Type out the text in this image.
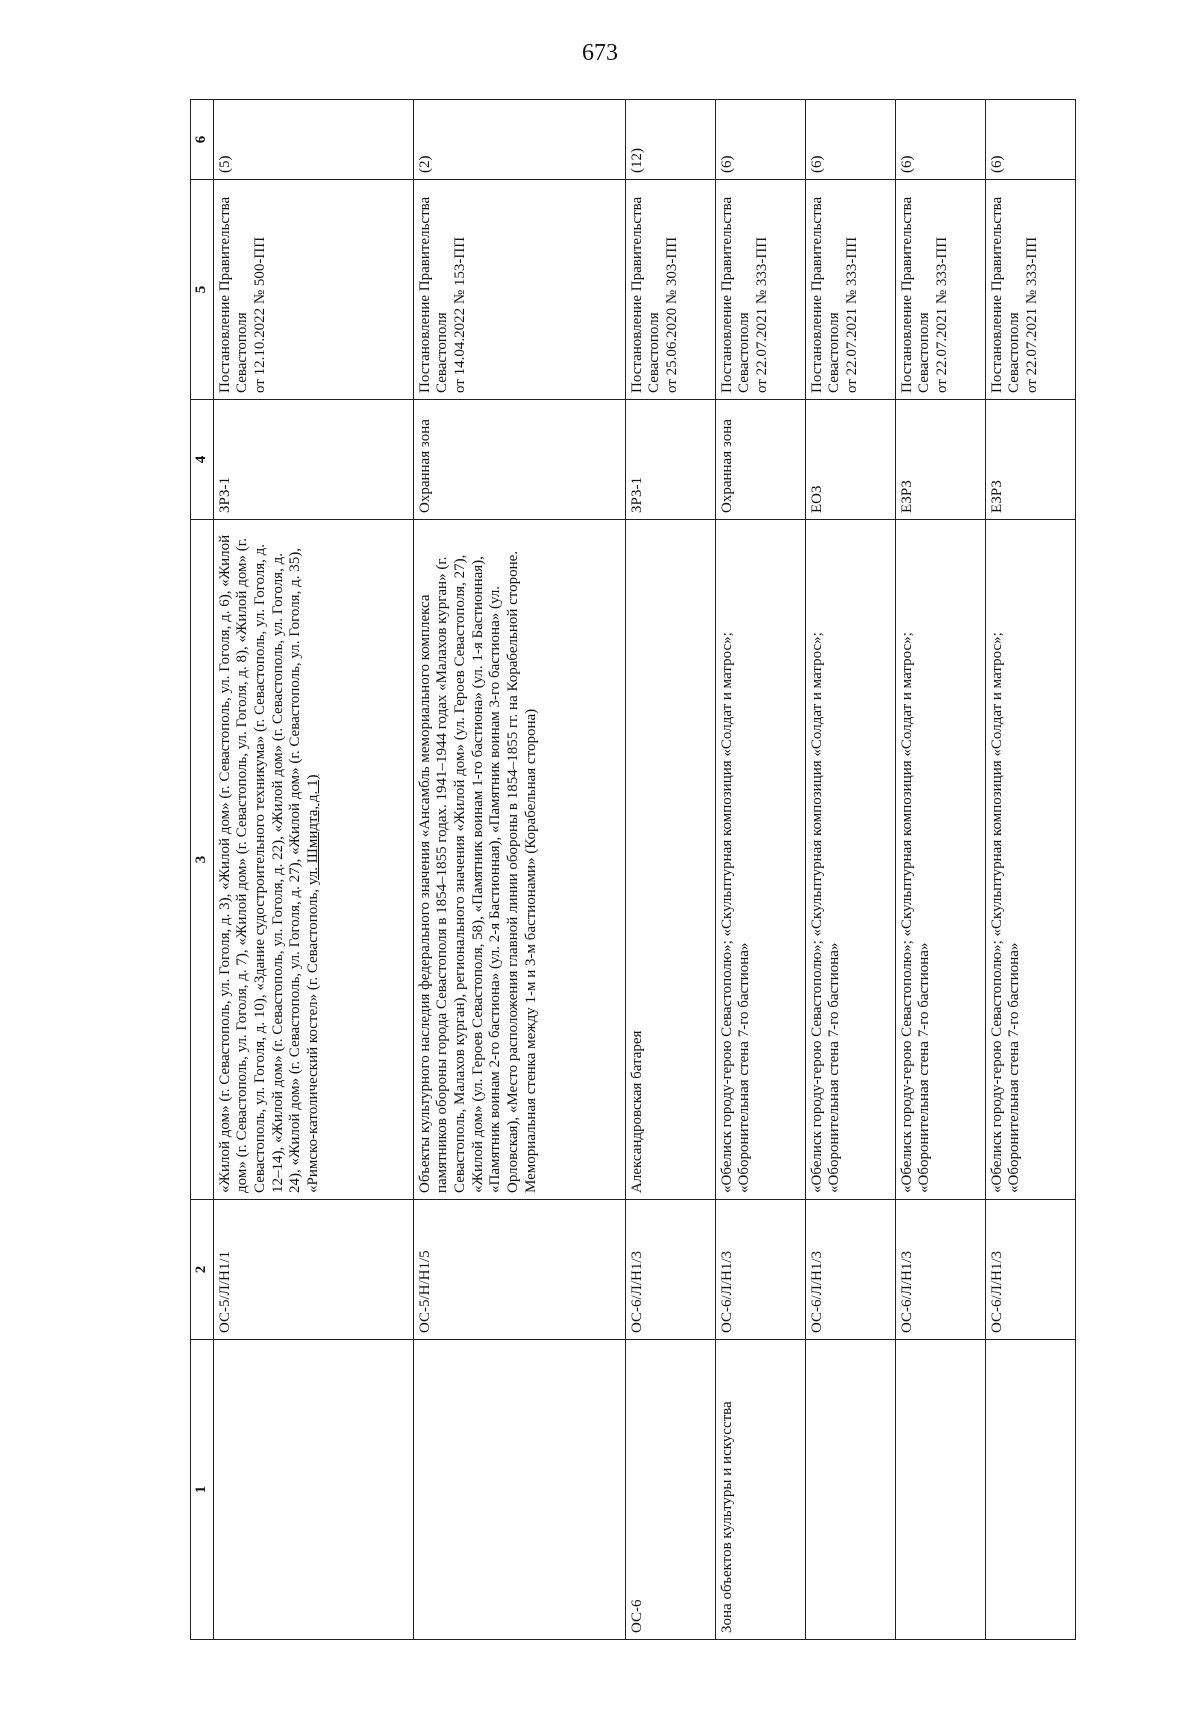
673
1	2	3	4	5	6
	ОС-5/Л/Н1/1	«Жилой дом» (г. Севастополь, ул. Гоголя, д. 3), «Жилой дом» (г. Севастополь, ул. Гоголя, д. 6), «Жилой дом» (г. Севастополь, ул. Гоголя, д. 7), «Жилой дом» (г. Севастополь, ул. Гоголя, д. 8), «Жилой дом» (г. Севастополь, ул. Гоголя, д. 10), «Здание судостроительного техникума» (г. Севастополь, ул. Гоголя, д. 12–14), «Жилой дом» (г. Севастополь, ул. Гоголя, д. 22), «Жилой дом» (г. Севастополь, ул. Гоголя, д. 24), «Жилой дом» (г. Севастополь, ул. Гоголя, д. 27), «Жилой дом» (г. Севастополь, ул. Гоголя, д. 35), «Римско-католический костел» (г. Севастополь, ул. Шмидта, д. 1)	ЗРЗ-1	Постановление Правительства Севастополя от 12.10.2022 № 500-ПП	(5)
	ОС-5/Н/Н1/5	Объекты культурного наследия федерального значения «Ансамбль мемориального комплекса памятников обороны города Севастополя в 1854–1855 годах. 1941–1944 годах «Малахов курган» (г. Севастополь, Малахов курган), регионального значения «Жилой дом» (ул. Героев Севастополя, 27), «Жилой дом» (ул. Героев Севастополя, 58), «Памятник воинам 1-го бастиона» (ул. 1-я Бастионная), «Памятник воинам 2-го бастиона» (ул. 2-я Бастионная), «Памятник воинам 3-го бастиона» (ул. Орловская), «Место расположения главной линии обороны в 1854–1855 гг. на Корабельной стороне. Мемориальная стенка между 1-м и 3-м бастионами» (Корабельная сторона)	Охранная зона	Постановление Правительства Севастополя от 14.04.2022 № 153-ПП	(2)
ОС-6	ОС-6/Л/Н1/3	Александровская батарея	ЗРЗ-1	Постановление Правительства Севастополя от 25.06.2020 № 303-ПП	(12)
Зона объектов культуры и искусства	ОС-6/Л/Н1/3	«Обелиск городу-герою Севастополю»; «Скульптурная композиция «Солдат и матрос»; «Оборонительная стена 7-го бастиона»	Охранная зона	Постановление Правительства Севастополя от 22.07.2021 № 333-ПП	(6)
	ОС-6/Л/Н1/3	«Обелиск городу-герою Севастополю»; «Скульптурная композиция «Солдат и матрос»; «Оборонительная стена 7-го бастиона»	ЕОЗ	Постановление Правительства Севастополя от 22.07.2021 № 333-ПП	(6)
	ОС-6/Л/Н1/3	«Обелиск городу-герою Севастополю»; «Скульптурная композиция «Солдат и матрос»; «Оборонительная стена 7-го бастиона»	ЕЗРЗ	Постановление Правительства Севастополя от 22.07.2021 № 333-ПП	(6)
	ОС-6/Л/Н1/3	«Обелиск городу-герою Севастополю»; «Скульптурная композиция «Солдат и матрос»; «Оборонительная стена 7-го бастиона»	ЕЗРЗ	Постановление Правительства Севастополя от 22.07.2021 № 333-ПП	(6)
